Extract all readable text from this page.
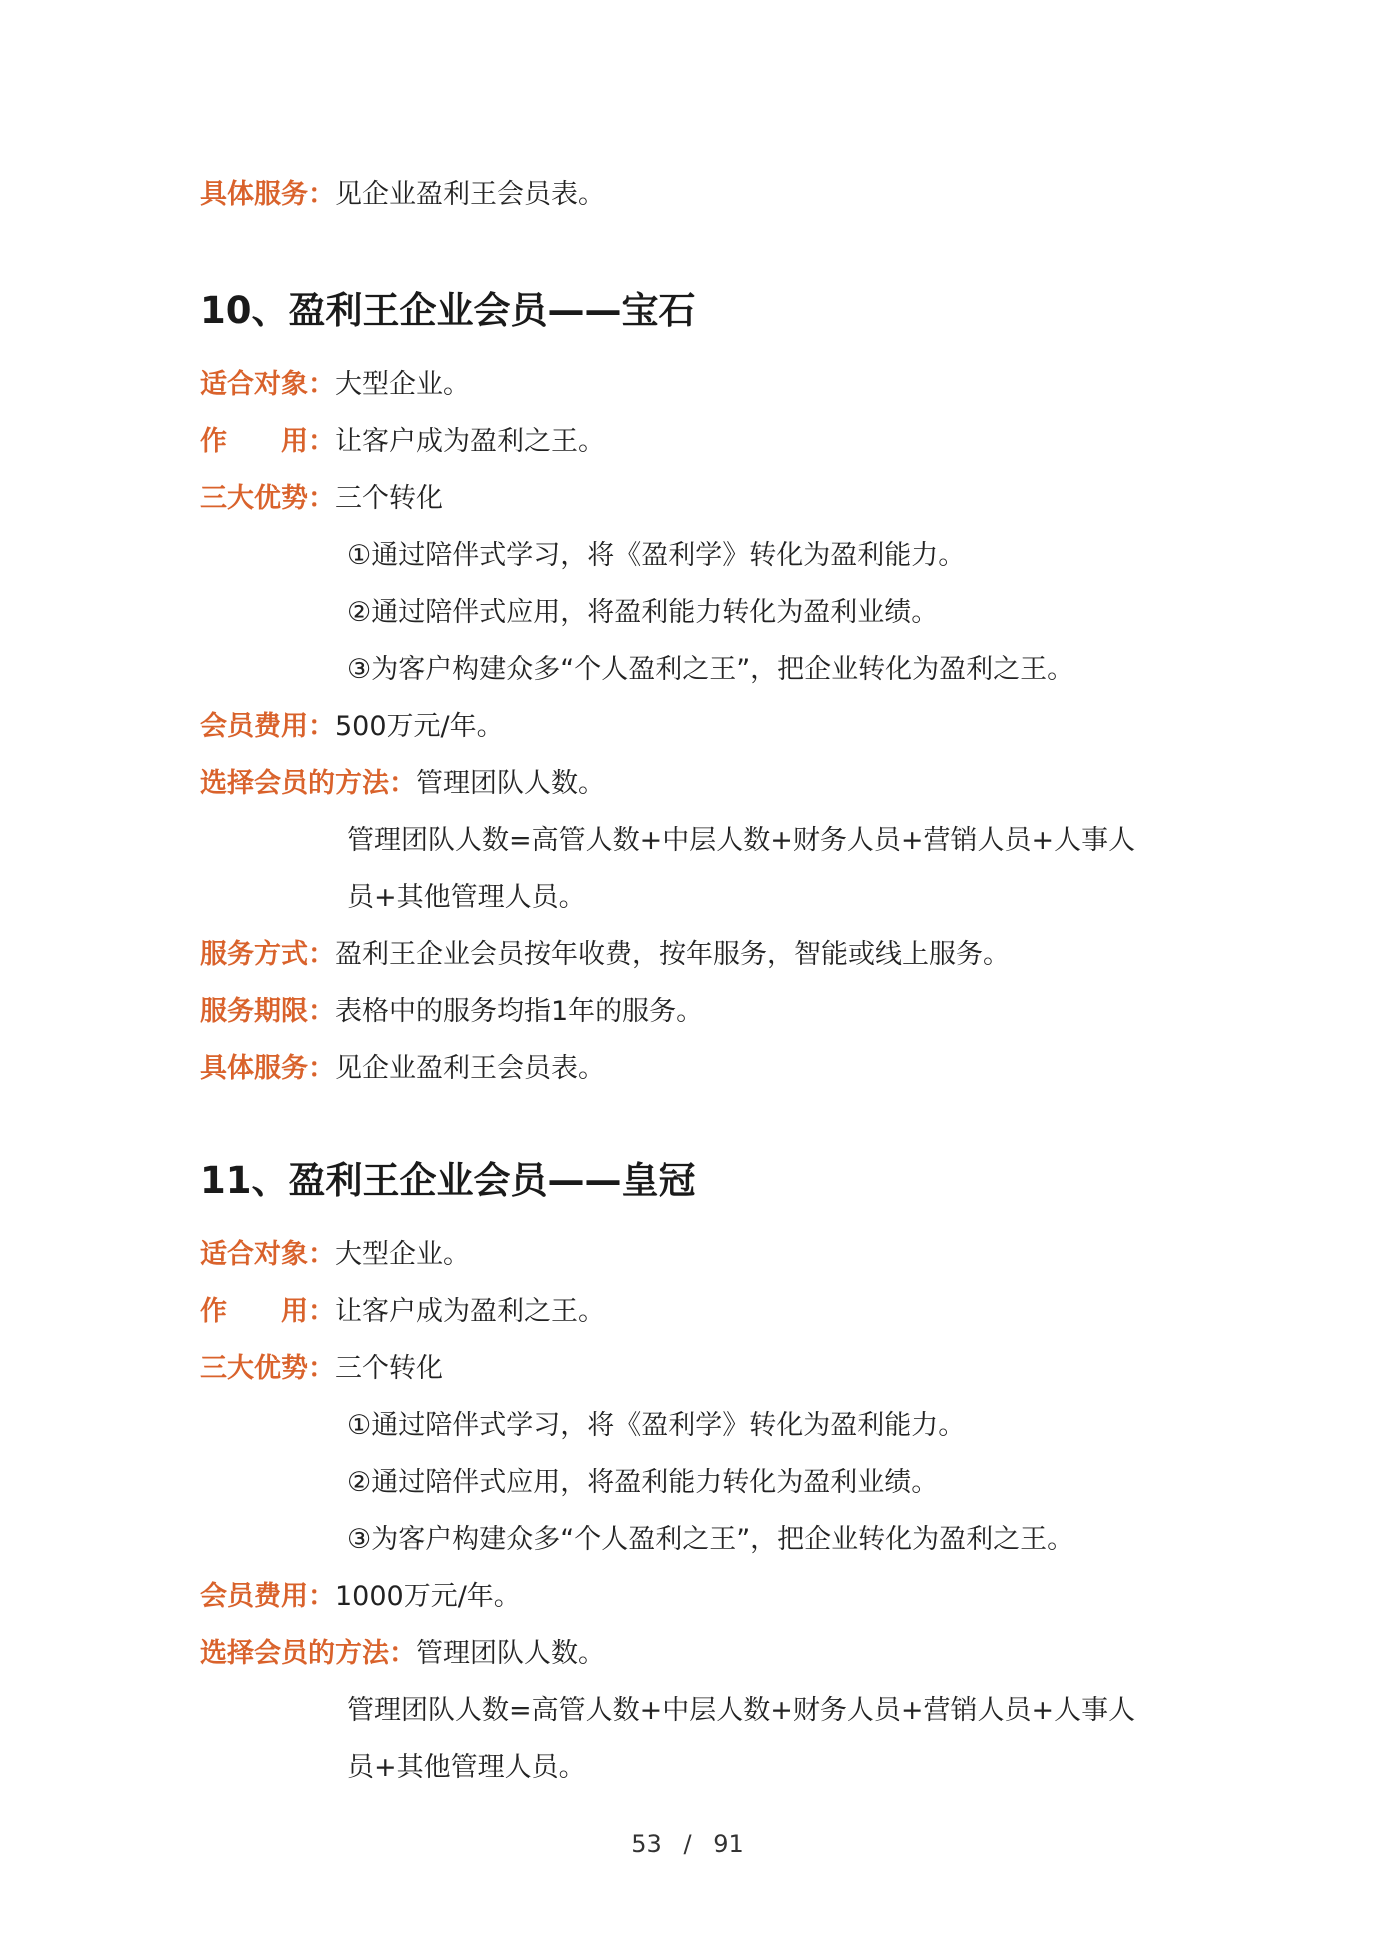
具体服务：见企业盈利王会员表。
10、盈利王企业会员——宝石
适合对象：大型企业。
作　　用：让客户成为盈利之王。
三大优势：三个转化
①通过陪伴式学习，将《盈利学》转化为盈利能力。
②通过陪伴式应用，将盈利能力转化为盈利业绩。
③为客户构建众多“个人盈利之王”，把企业转化为盈利之王。
会员费用：500万元/年。
选择会员的方法：管理团队人数。
管理团队人数=高管人数+中层人数+财务人员+营销人员+人事人
员+其他管理人员。
服务方式：盈利王企业会员按年收费，按年服务，智能或线上服务。
服务期限：表格中的服务均指1年的服务。
具体服务：见企业盈利王会员表。
11、盈利王企业会员——皇冠
适合对象：大型企业。
作　　用：让客户成为盈利之王。
三大优势：三个转化
①通过陪伴式学习，将《盈利学》转化为盈利能力。
②通过陪伴式应用，将盈利能力转化为盈利业绩。
③为客户构建众多“个人盈利之王”，把企业转化为盈利之王。
会员费用：1000万元/年。
选择会员的方法：管理团队人数。
管理团队人数=高管人数+中层人数+财务人员+营销人员+人事人
员+其他管理人员。
53 / 91
